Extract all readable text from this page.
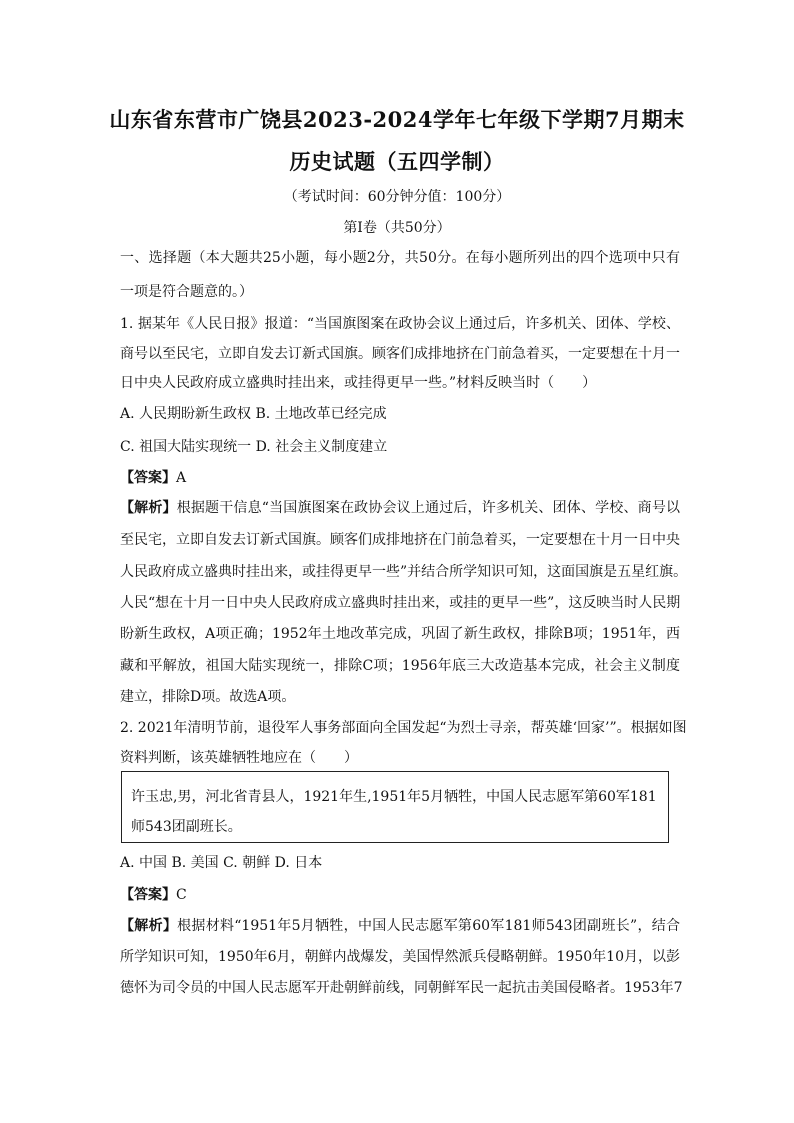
山东省东营市广饶县2023-2024学年七年级下学期7月期末
历史试题（五四学制）
（考试时间：60分钟分值：100分）
第Ⅰ卷（共50分）
一、选择题（本大题共25小题，每小题2分，共50分。在每小题所列出的四个选项中只有
一项是符合题意的。）
1. 据某年《人民日报》报道：“当国旗图案在政协会议上通过后，许多机关、团体、学校、
商号以至民宅，立即自发去订新式国旗。顾客们成排地挤在门前急着买，一定要想在十月一
日中央人民政府成立盛典时挂出来，或挂得更早一些。”材料反映当时（　　）
A. 人民期盼新生政权 B. 土地改革已经完成
C. 祖国大陆实现统一 D. 社会主义制度建立
【答案】A
【解析】根据题干信息“当国旗图案在政协会议上通过后，许多机关、团体、学校、商号以
至民宅，立即自发去订新式国旗。顾客们成排地挤在门前急着买，一定要想在十月一日中央
人民政府成立盛典时挂出来，或挂得更早一些”并结合所学知识可知，这面国旗是五星红旗。
人民“想在十月一日中央人民政府成立盛典时挂出来，或挂的更早一些”，这反映当时人民期
盼新生政权，A项正确；1952年土地改革完成，巩固了新生政权，排除B项；1951年，西
藏和平解放，祖国大陆实现统一，排除C项；1956年底三大改造基本完成，社会主义制度
建立，排除D项。故选A项。
2. 2021年清明节前，退役军人事务部面向全国发起“为烈士寻亲，帮英雄‘回家’”。根据如图
资料判断，该英雄牺牲地应在（　　）
许玉忠,男，河北省青县人，1921年生,1951年5月牺牲，中国人民志愿军第60军181
师543团副班长。
A. 中国 B. 美国 C. 朝鲜 D. 日本
【答案】C
【解析】根据材料“1951年5月牺牲，中国人民志愿军第60军181师543团副班长”，结合
所学知识可知，1950年6月，朝鲜内战爆发，美国悍然派兵侵略朝鲜。1950年10月，以彭
德怀为司令员的中国人民志愿军开赴朝鲜前线，同朝鲜军民一起抗击美国侵略者。1953年7
